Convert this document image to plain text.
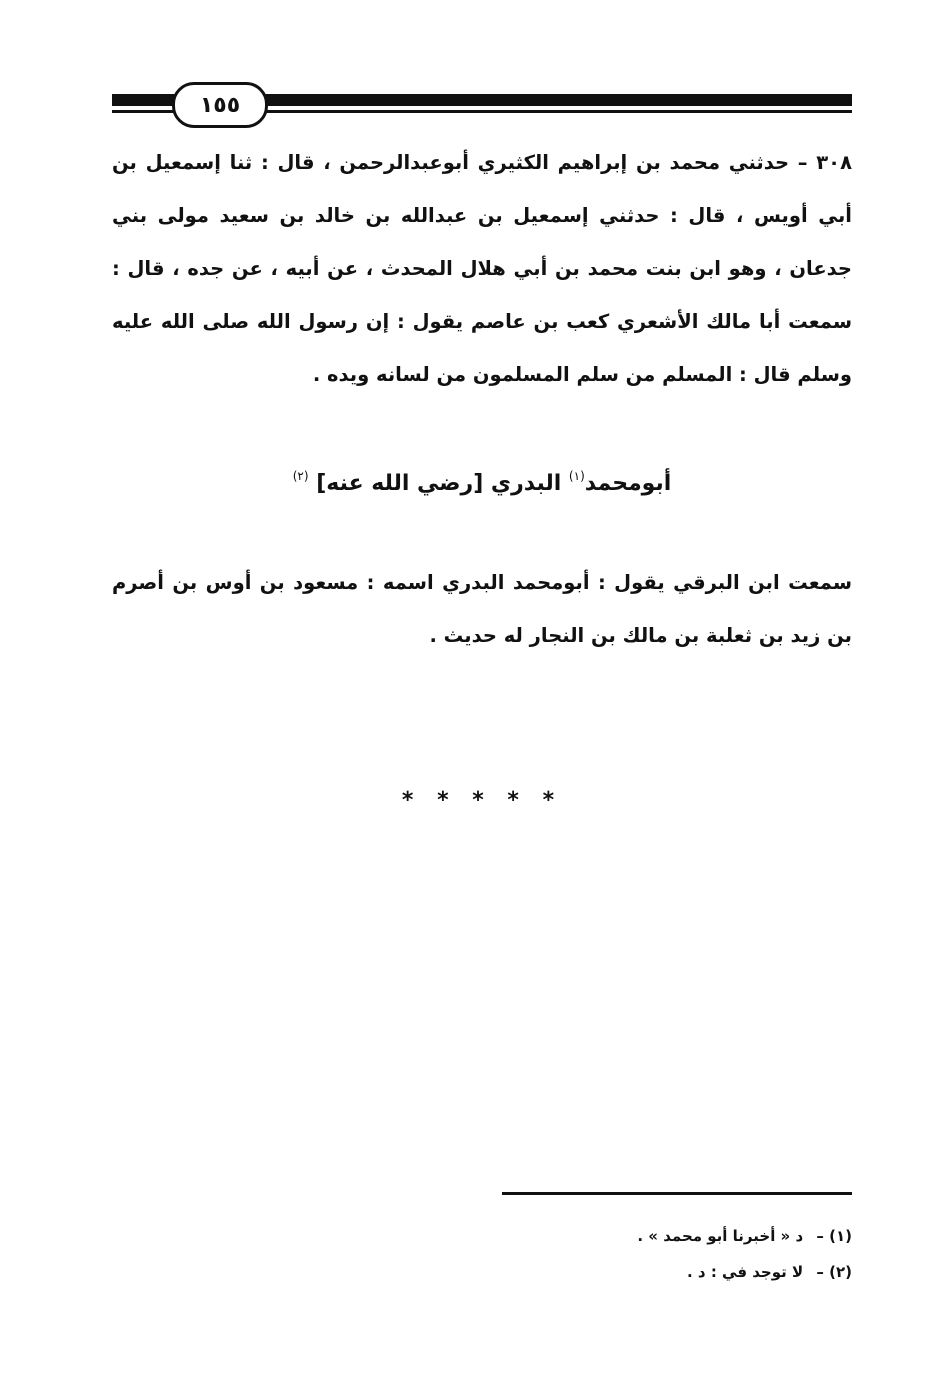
١٥٥

٣٠٨ – حدثني محمد بن إبراهيم الكثيري أبوعبدالرحمن ، قال : ثنا إسمعيل بن أبي أويس ، قال : حدثني إسمعيل بن عبدالله بن خالد بن سعيد مولى بني جدعان ، وهو ابن بنت محمد بن أبي هلال المحدث ، عن أبيه ، عن جده ، قال : سمعت أبا مالك الأشعري كعب بن عاصم يقول : إن رسول الله صلى الله عليه وسلم قال : المسلم من سلم المسلمون من لسانه ويده .

أبومحمد$^{(١)}$ البدري [رضي الله عنه] $^{(٢)}$

سمعت ابن البرقي يقول : أبومحمد البدري اسمه : مسعود بن أوس بن أصرم بن زيد بن ثعلبة بن مالك بن النجار له حديث .

* * * * *
(١) – د « أخبرنا أبو محمد » .
(٢) – لا توجد في : د .
